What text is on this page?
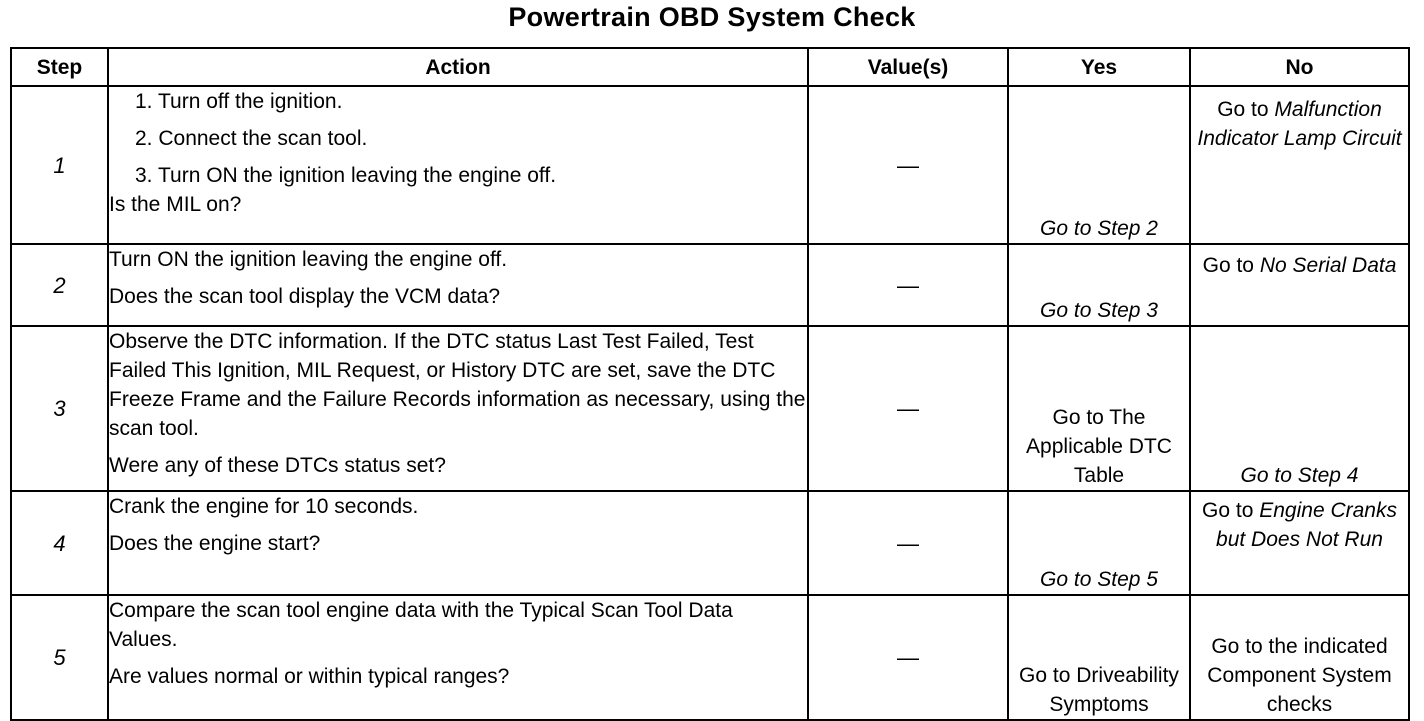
Powertrain OBD System Check
Step	Action	Value(s)	Yes	No
1	1. Turn off the ignition.
2. Connect the scan tool.
3. Turn ON the ignition leaving the engine off.
Is the MIL on?	—	Go to Step 2	Go to Malfunction Indicator Lamp Circuit
2	Turn ON the ignition leaving the engine off.
Does the scan tool display the VCM data?	—	Go to Step 3	Go to No Serial Data
3	Observe the DTC information. If the DTC status Last Test Failed, Test Failed This Ignition, MIL Request, or History DTC are set, save the DTC Freeze Frame and the Failure Records information as necessary, using the scan tool.
Were any of these DTCs status set?	—	Go to The Applicable DTC Table	Go to Step 4
4	Crank the engine for 10 seconds.
Does the engine start?	—	Go to Step 5	Go to Engine Cranks but Does Not Run
5	Compare the scan tool engine data with the Typical Scan Tool Data Values.
Are values normal or within typical ranges?	—	Go to Driveability Symptoms	Go to the indicated Component System checks
